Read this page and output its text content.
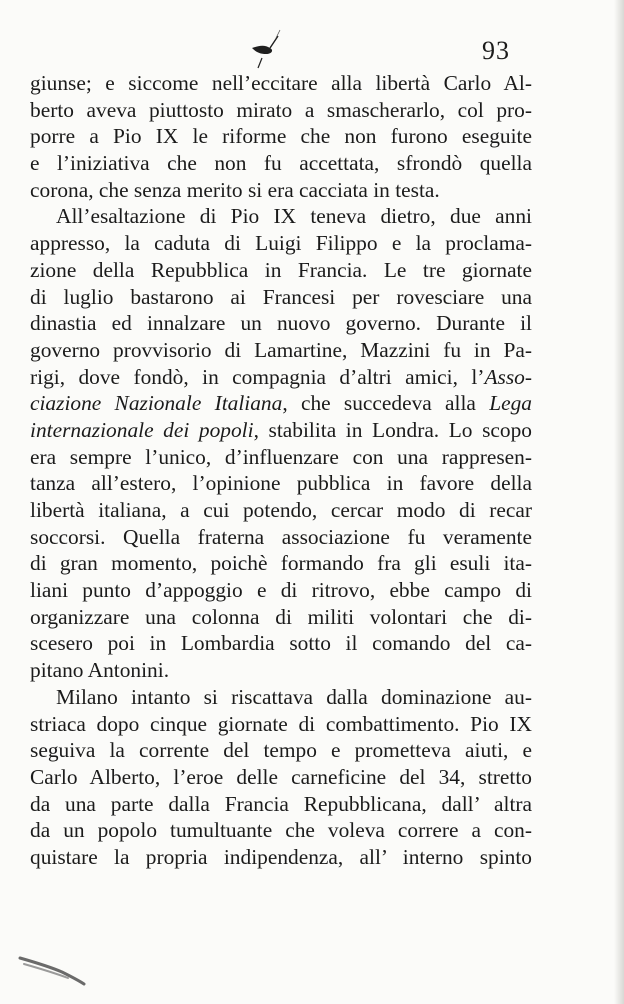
93
giunse; e siccome nell’eccitare alla libertà Carlo Al-
berto aveva piuttosto mirato a smascherarlo, col pro-
porre a Pio IX le riforme che non furono eseguite
e l’iniziativa che non fu accettata, sfrondò quella
corona, che senza merito si era cacciata in testa.
All’esaltazione di Pio IX teneva dietro, due anni
appresso, la caduta di Luigi Filippo e la proclama-
zione della Repubblica in Francia. Le tre giornate
di luglio bastarono ai Francesi per rovesciare una
dinastia ed innalzare un nuovo governo. Durante il
governo provvisorio di Lamartine, Mazzini fu in Pa-
rigi, dove fondò, in compagnia d’altri amici, l’Asso-
ciazione Nazionale Italiana, che succedeva alla Lega
internazionale dei popoli, stabilita in Londra. Lo scopo
era sempre l’unico, d’influenzare con una rappresen-
tanza all’estero, l’opinione pubblica in favore della
libertà italiana, a cui potendo, cercar modo di recar
soccorsi. Quella fraterna associazione fu veramente
di gran momento, poichè formando fra gli esuli ita-
liani punto d’appoggio e di ritrovo, ebbe campo di
organizzare una colonna di militi volontari che di-
scesero poi in Lombardia sotto il comando del ca-
pitano Antonini.
Milano intanto si riscattava dalla dominazione au-
striaca dopo cinque giornate di combattimento. Pio IX
seguiva la corrente del tempo e prometteva aiuti, e
Carlo Alberto, l’eroe delle carneficine del 34, stretto
da una parte dalla Francia Repubblicana, dall’ altra
da un popolo tumultuante che voleva correre a con-
quistare la propria indipendenza, all’ interno spinto
